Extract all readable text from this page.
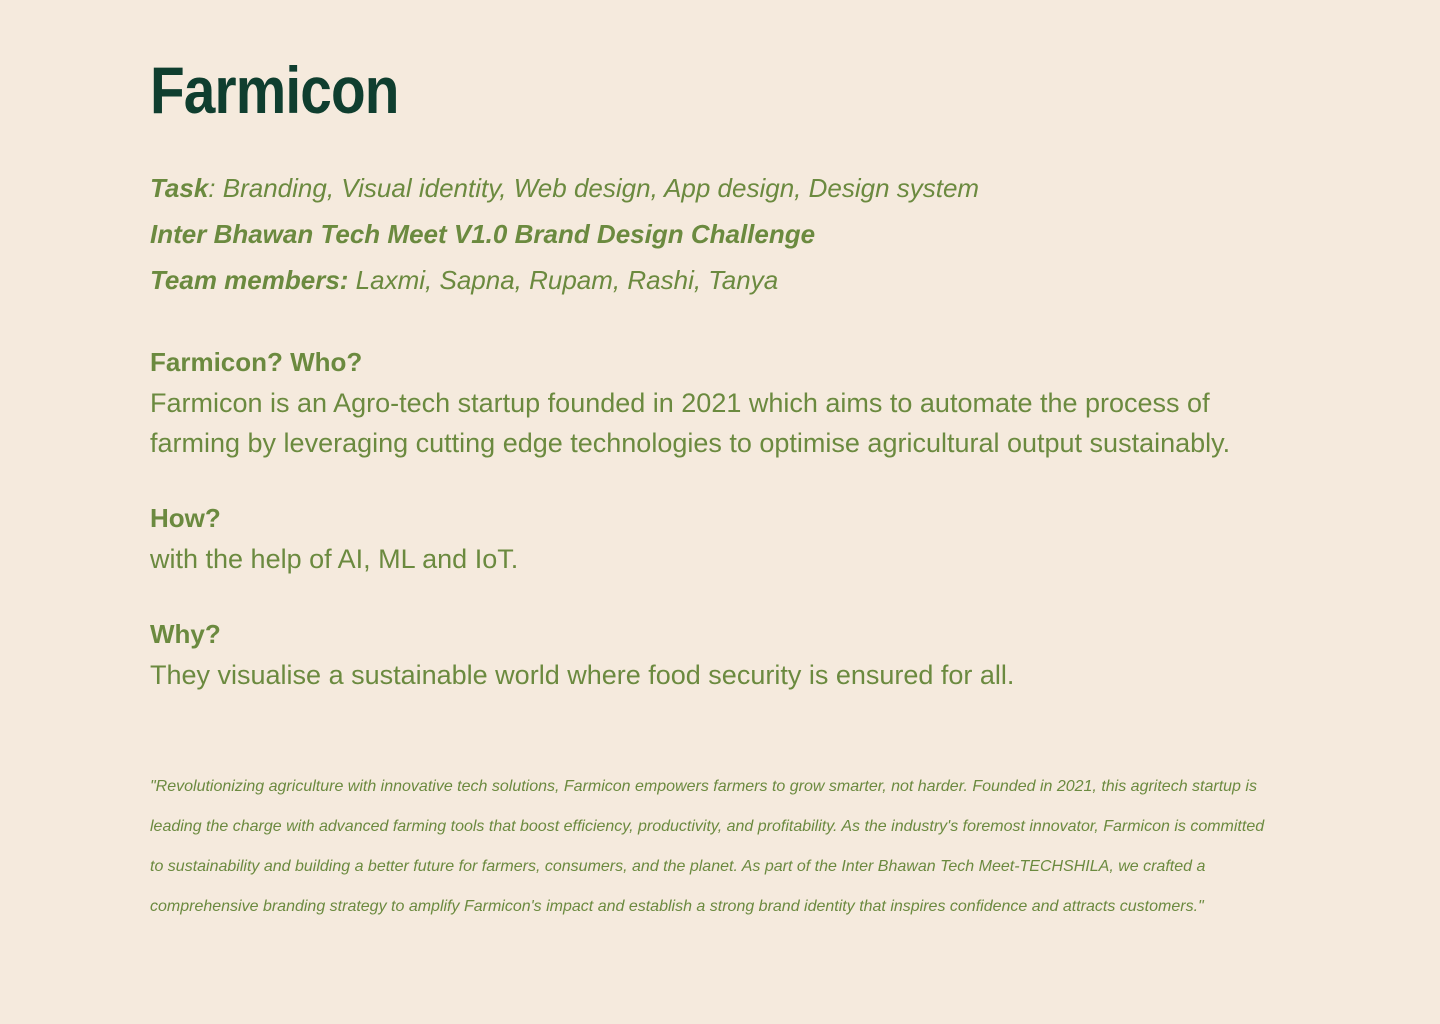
Farmicon
Task: Branding, Visual identity, Web design, App design, Design system
Inter Bhawan Tech Meet V1.0 Brand Design Challenge
Team members: Laxmi, Sapna, Rupam, Rashi, Tanya
Farmicon? Who?

Farmicon is an Agro-tech startup founded in 2021 which aims to automate the process of farming by leveraging cutting edge technologies to optimise agricultural output sustainably.

How?

with the help of AI, ML and IoT.

Why?

They visualise a sustainable world where food security is ensured for all.

"Revolutionizing agriculture with innovative tech solutions, Farmicon empowers farmers to grow smarter, not harder. Founded in 2021, this agritech startup is leading the charge with advanced farming tools that boost efficiency, productivity, and profitability. As the industry's foremost innovator, Farmicon is committed to sustainability and building a better future for farmers, consumers, and the planet. As part of the Inter Bhawan Tech Meet-TECHSHILA, we crafted a comprehensive branding strategy to amplify Farmicon's impact and establish a strong brand identity that inspires confidence and attracts customers."
